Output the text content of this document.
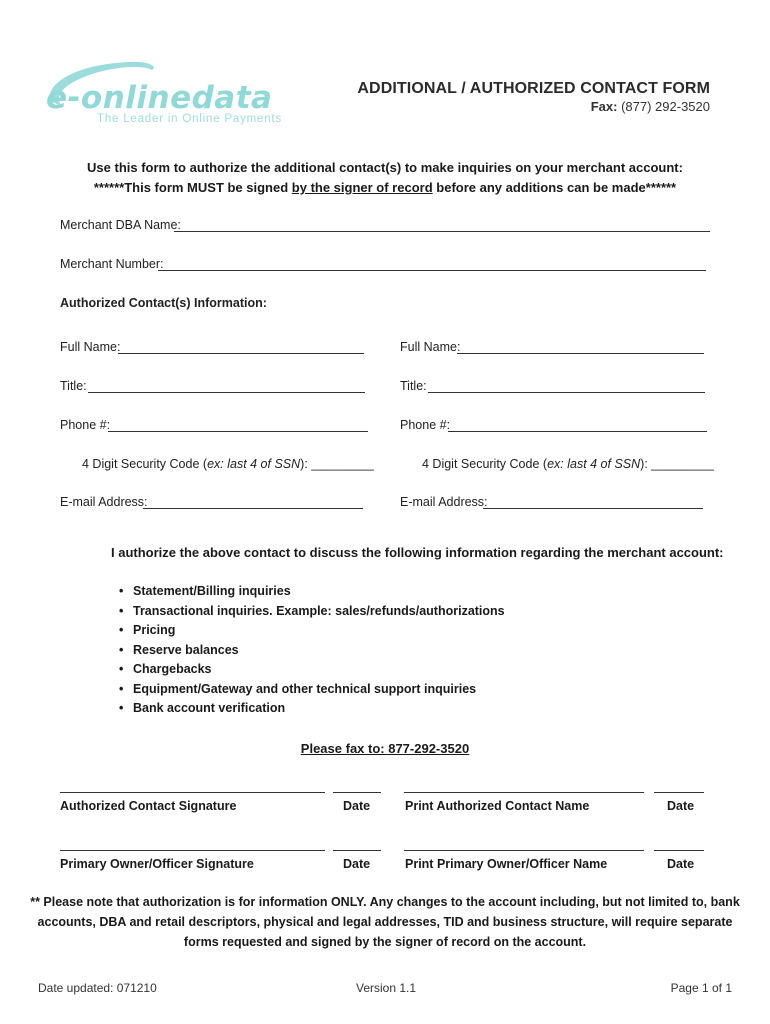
e-onlinedata
The Leader in Online Payments
ADDITIONAL / AUTHORIZED CONTACT FORM
Fax: (877) 292-3520
Use this form to authorize the additional contact(s) to make inquiries on your merchant account:
******This form MUST be signed by the signer of record before any additions can be made******
Merchant DBA Name:
Merchant Number:
Authorized Contact(s) Information:
Full Name:
Title:
Phone #:
4 Digit Security Code (ex: last 4 of SSN): _________
E-mail Address:
Full Name:
Title:
Phone #:
4 Digit Security Code (ex: last 4 of SSN): _________
E-mail Address:
I authorize the above contact to discuss the following information regarding the merchant account:
• Statement/Billing inquiries
• Transactional inquiries. Example: sales/refunds/authorizations
• Pricing
• Reserve balances
• Chargebacks
• Equipment/Gateway and other technical support inquiries
• Bank account verification
Please fax to: 877-292-3520
Authorized Contact Signature	Date	Print Authorized Contact Name	Date
Primary Owner/Officer Signature	Date	Print Primary Owner/Officer Name	Date
** Please note that authorization is for information ONLY. Any changes to the account including, but not limited to, bank
accounts, DBA and retail descriptors, physical and legal addresses, TID and business structure, will require separate
forms requested and signed by the signer of record on the account.
Date updated: 071210	Version 1.1	Page 1 of 1
